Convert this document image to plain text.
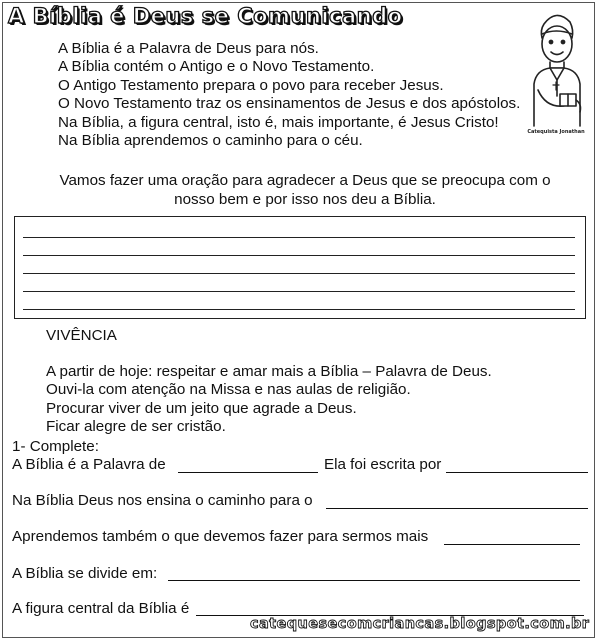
A Bíblia é Deus se Comunicando
A Bíblia é a Palavra de Deus para nós.
A Bíblia contém o Antigo e o Novo Testamento.
O Antigo Testamento prepara o povo para receber Jesus.
O Novo Testamento traz os ensinamentos de Jesus e dos apóstolos.
Na Bíblia, a figura central, isto é, mais importante, é Jesus Cristo!
Na Bíblia aprendemos o caminho para o céu.
Catequista Jonathan
Vamos fazer uma oração para agradecer a Deus que se preocupa com o nosso bem e por isso nos deu a Bíblia.
VIVÊNCIA
A partir de hoje: respeitar e amar mais a Bíblia – Palavra de Deus.
Ouvi-la com atenção na Missa e nas aulas de religião.
Procurar viver de um jeito que agrade a Deus.
Ficar alegre de ser cristão.
1- Complete:
A Bíblia é a Palavra de	Ela foi escrita por
Na Bíblia Deus nos ensina o caminho para o
Aprendemos também o que devemos fazer para sermos mais
A Bíblia se divide em:
A figura central da Bíblia é
catequesecomcriancas.blogspot.com.br
